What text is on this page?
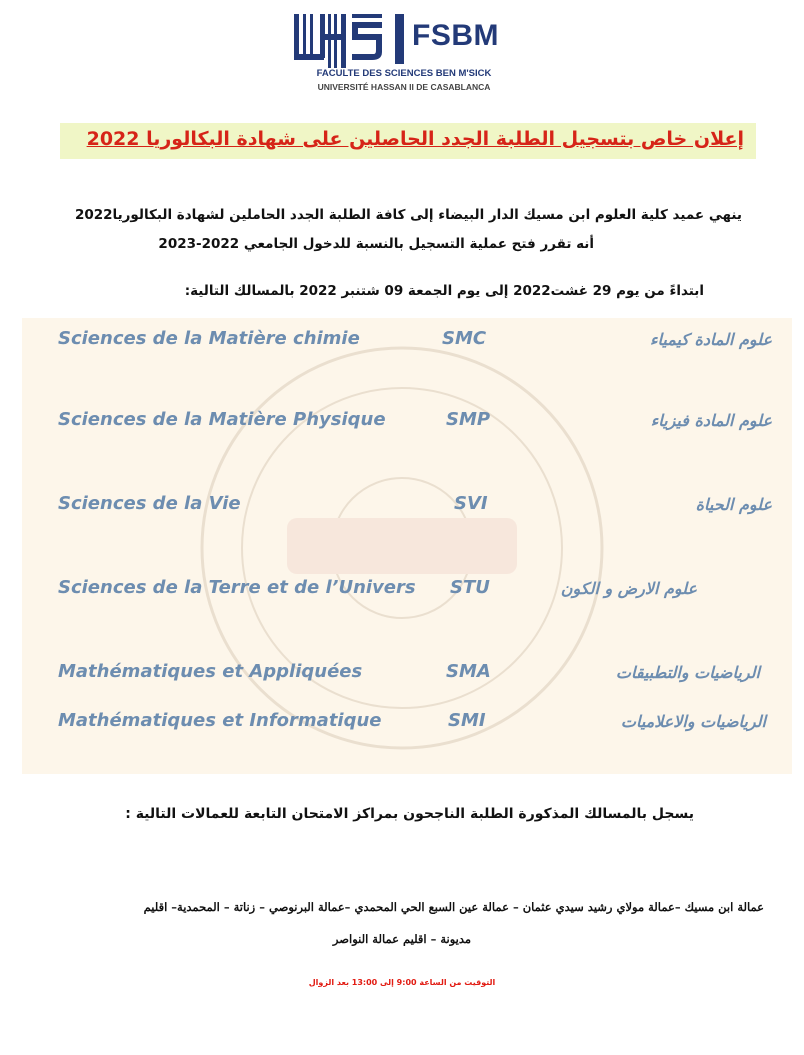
FSBM
FACULTE DES SCIENCES BEN M'SICK
UNIVERSITÉ HASSAN II DE CASABLANCA
إعلان خاص بتسجيل الطلبة الجدد الحاصلين على شهادة البكالوريا 2022
ينهي عميد كلية العلوم ابن مسيك الدار البيضاء إلى كافة الطلبة الجدد الحاملين لشهادة البكالوريا2022
أنه تقرر فتح عملية التسجيل بالنسبة للدخول الجامعي 2022-2023
ابتداءً من يوم 29 غشت2022 إلى يوم الجمعة 09 شتنبر 2022 بالمسالك التالية:
Sciences de la Matière chimie	SMC	علوم المادة كيمياء
Sciences de la Matière Physique	SMP	علوم المادة فيزياء
Sciences de la Vie	SVI	علوم الحياة
Sciences de la Terre et de l’Univers STU	علوم الارض و الكون
Mathématiques et Appliquées	SMA	الرياضيات والتطبيقات
Mathématiques et Informatique	SMI	الرياضيات والاعلاميات
يسجل بالمسالك المذكورة الطلبة الناجحون بمراكز الامتحان التابعة للعمالات التالية :
عمالة ابن مسيك –عمالة مولاي رشيد سيدي عثمان – عمالة عين السبع الحي المحمدي –عمالة البرنوصي – زناتة – المحمدية– اقليم
مديونة – اقليم عمالة النواصر
التوقيت من الساعة 9:00 إلى 13:00 بعد الزوال
